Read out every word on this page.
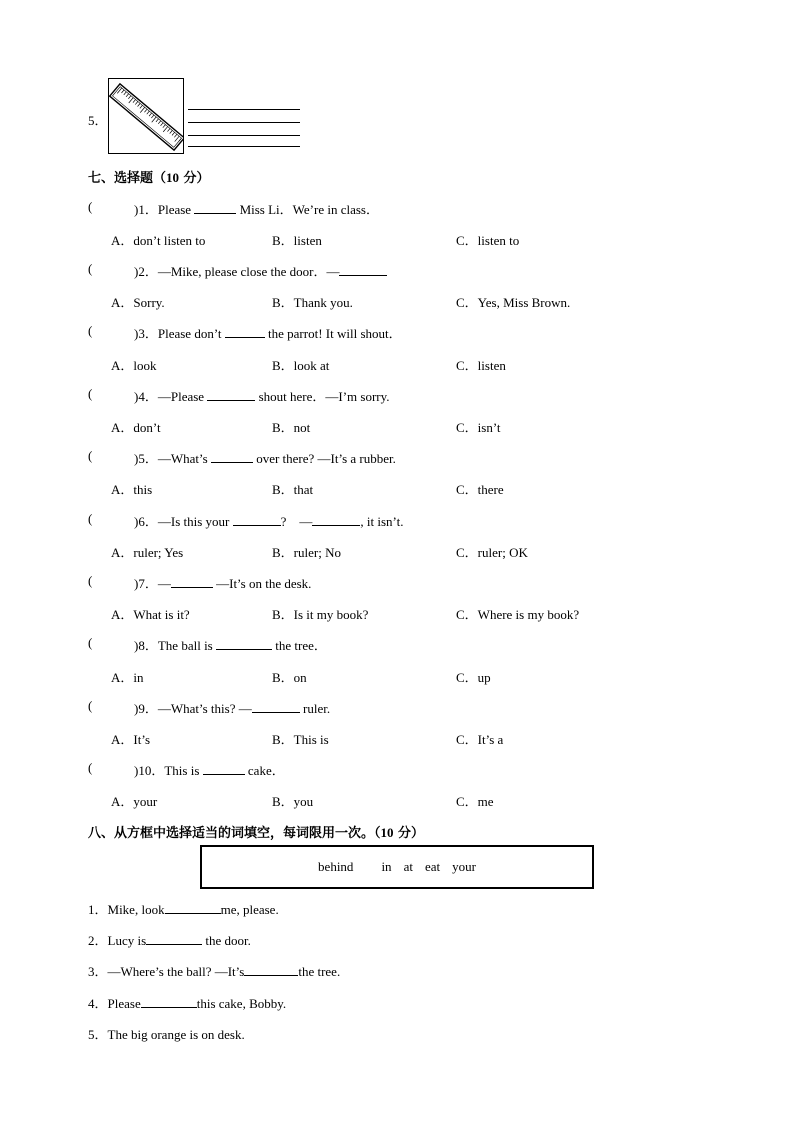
5．
七、选择题（10 分）
(	)1．Please	Miss Li．We’re in class．
A．don’t listen to	B．listen	C．listen to
(	)2．—Mike, please close the door．—
A．Sorry.	B．Thank you.	C．Yes, Miss Brown.
(	)3．Please don’t	the parrot! It will shout．
A．look	B．look at	C．listen
(	)4．—Please	shout here．—I’m sorry.
A．don’t	B．not	C．isn’t
(	)5．—What’s	over there? —It’s a rubber.
A．this	B．that	C．there
(	)6．—Is this your	?　—	, it isn’t.
A．ruler; Yes	B．ruler; No	C．ruler; OK
(	)7．—	—It’s on the desk.
A．What is it?	B．Is it my book?	C．Where is my book?
(	)8．The ball is	the tree．
A．in	B．on	C．up
(	)9．—What’s this? —	ruler.
A．It’s	B．This is	C．It’s a
(	)10．This is	cake．
A．your	B．you	C．me
八、从方框中选择适当的词填空，每词限用一次。（10 分）
behind in at eat your
1．Mike, look	me, please.
2．Lucy is	the door.
3．—Where’s the ball? —It’s	the tree.
4．Please	this cake, Bobby.
5．The big orange is on desk.
